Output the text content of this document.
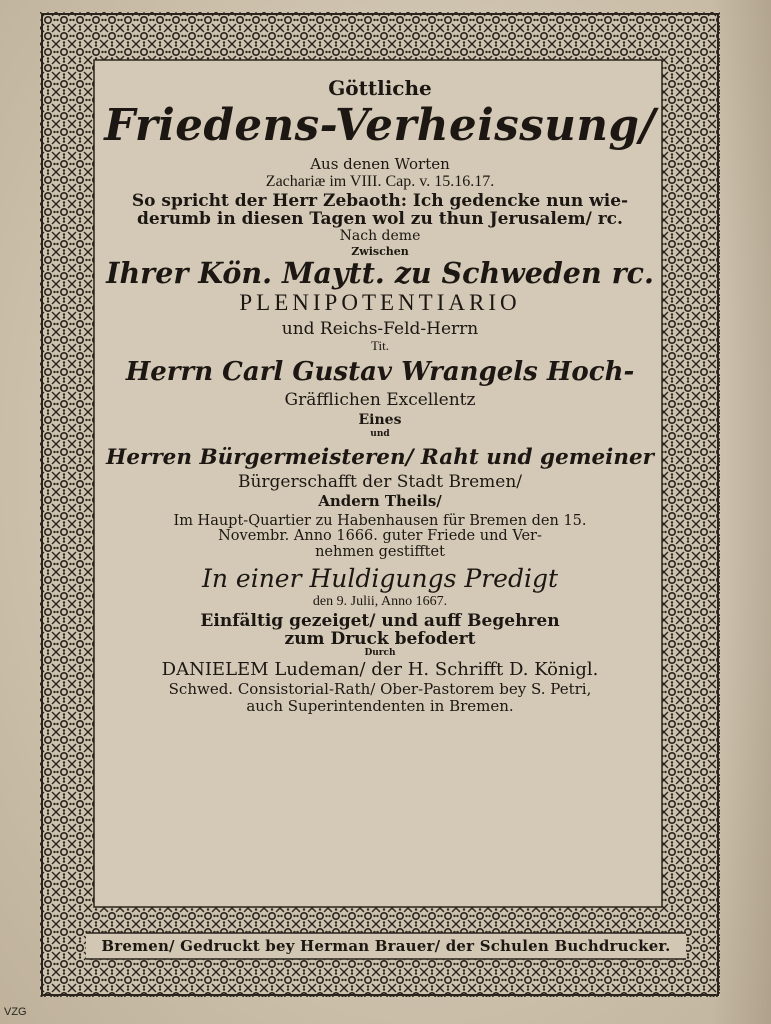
Göttliche
Friedens-Verheissung/
Aus denen Worten
Zachariæ im VIII. Cap. v. 15.16.17.
So spricht der Herr Zebaoth: Ich gedencke nun wie-
derumb in diesen Tagen wol zu thun Jerusalem/ rc.
Nach deme
Zwischen
Ihrer Kön. Maytt. zu Schweden rc.
PLENIPOTENTIARIO
und Reichs-Feld-Herrn
Tit.
Herrn Carl Gustav Wrangels Hoch-
Gräfflichen Excellentz
Eines
und
Herren Bürgermeisteren/ Raht und gemeiner
Bürgerschafft der Stadt Bremen/
Andern Theils/
Im Haupt-Quartier zu Habenhausen für Bremen den 15.
Novembr. Anno 1666. guter Friede und Ver-
nehmen gestifftet
In einer Huldigungs Predigt
den 9. Julii, Anno 1667.
Einfältig gezeiget/ und auff Begehren
zum Druck befodert
Durch
DANIELEM Ludeman/ der H. Schrifft D. Königl.
Schwed. Consistorial-Rath/ Ober-Pastorem bey S. Petri,
auch Superintendenten in Bremen.
Bremen/ Gedruckt bey Herman Brauer/ der Schulen Buchdrucker.
VZG
